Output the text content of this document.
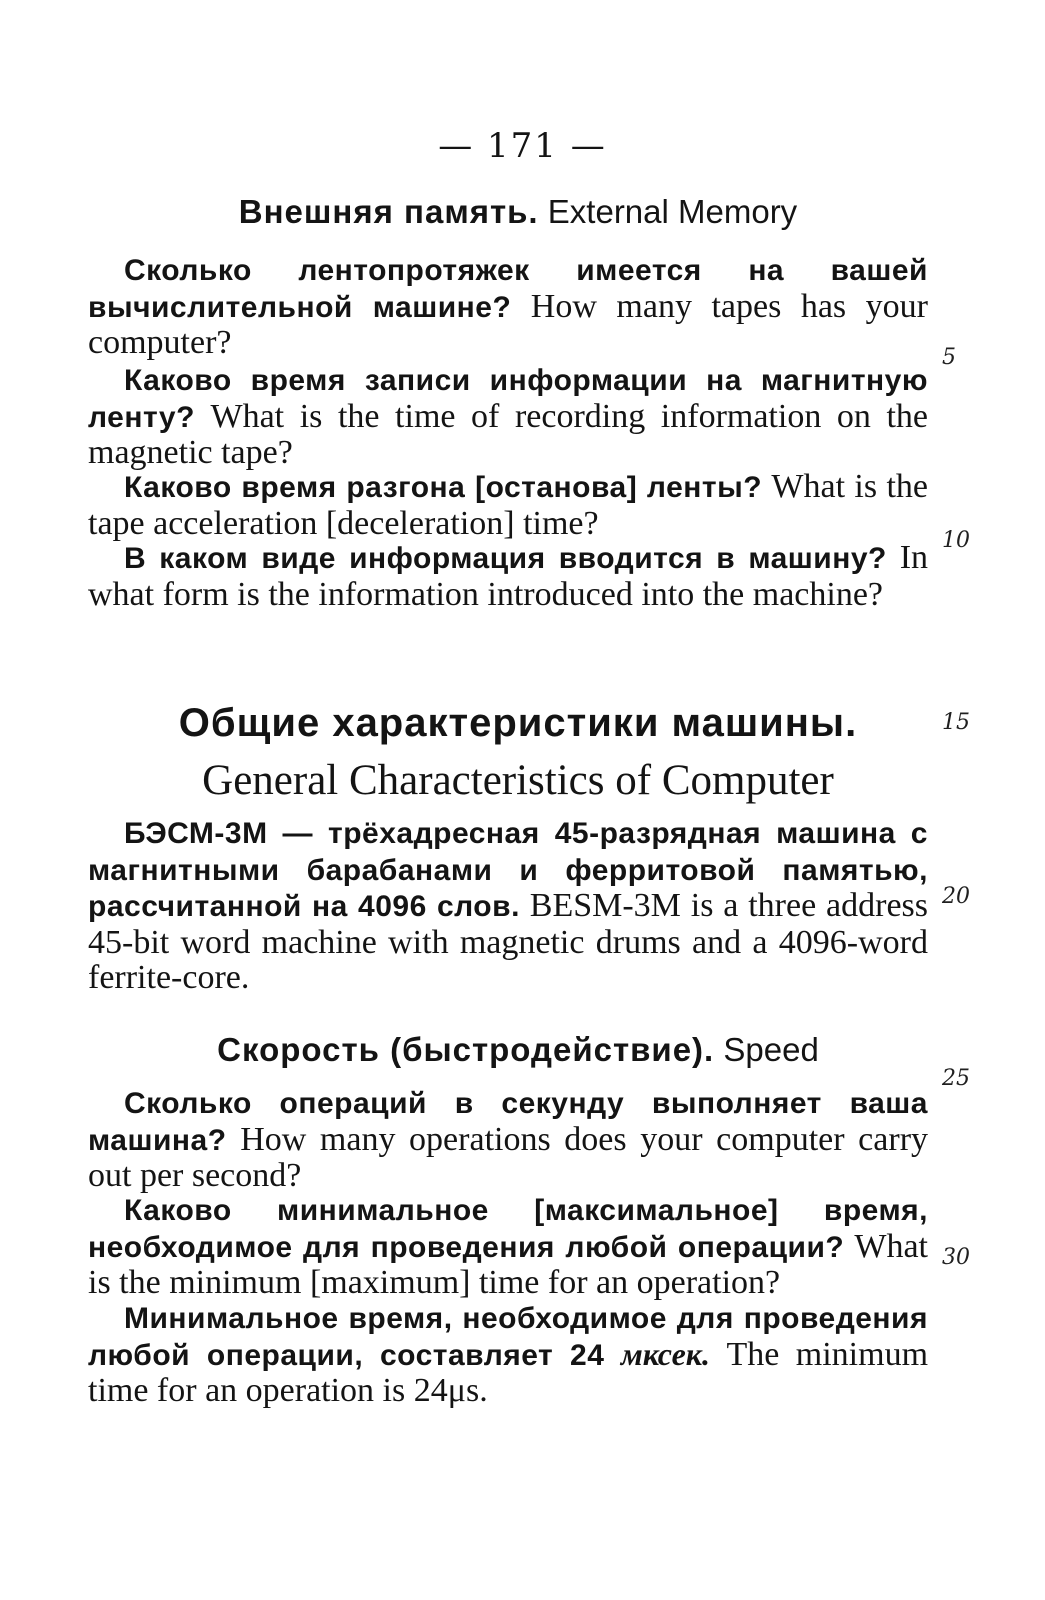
— 171 —
Внешняя память. External Memory

Сколько лентопротяжек имеется на вашей вычислительной машине? How many tapes has your computer?

Каково время записи информации на магнитную ленту? What is the time of recording information on the magnetic tape?

Каково время разгона [останова] ленты? What is the tape acceleration [deceleration] time?

В каком виде информация вводится в машину? In what form is the information introduced into the machine?

Общие характеристики машины.
General Characteristics of Computer

БЭСМ-3М — трёхадресная 45-разрядная машина с магнитными барабанами и ферритовой памятью, рассчитанной на 4096 слов. BESM-3M is a three address 45-bit word machine with magnetic drums and a 4096-word ferrite-core.

Скорость (быстродействие). Speed

Сколько операций в секунду выполняет ваша машина? How many operations does your computer carry out per second?

Каково минимальное [максимальное] время, необходимое для проведения любой операции? What is the minimum [maximum] time for an operation?

Минимальное время, необходимое для проведения любой операции, составляет 24 мксек. The minimum time for an operation is 24μs.

5
10
15
20
25
30
